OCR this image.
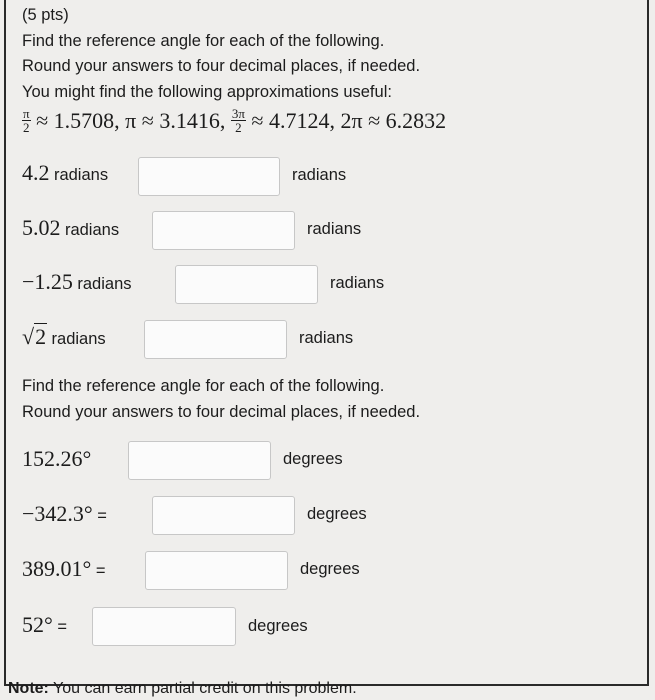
(5 pts)
Find the reference angle for each of the following.
Round your answers to four decimal places, if needed.
You might find the following approximations useful:
$\frac{\pi}{2} \approx 1.5708$, π ≈ 3.1416, $\frac{3\pi}{2} \approx 4.7124$, 2π ≈ 6.2832
4.2 radians	radians
5.02 radians	radians
−1.25 radians	radians
√2 radians	radians
Find the reference angle for each of the following.
Round your answers to four decimal places, if needed.
152.26°	degrees
−342.3° =	degrees
389.01° =	degrees
52° =	degrees
Note: You can earn partial credit on this problem.
